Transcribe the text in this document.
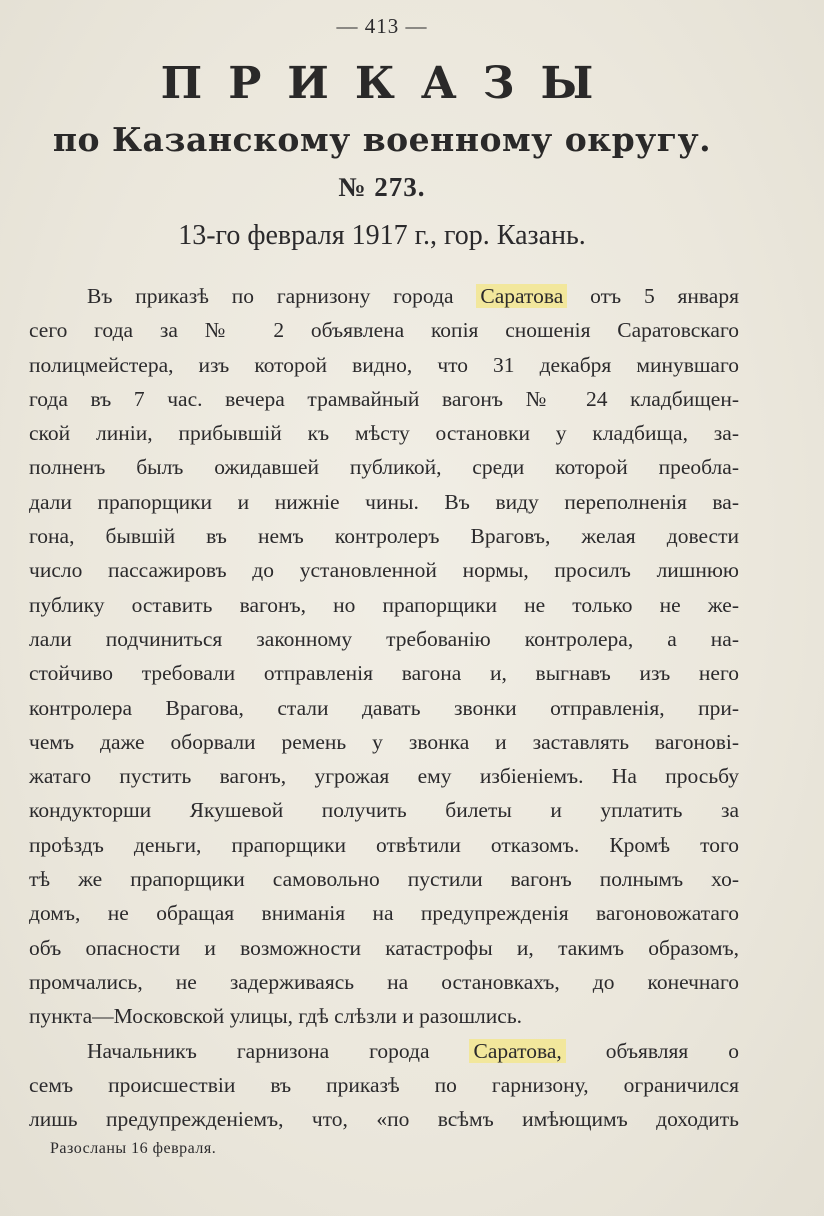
— 413 —
ПРИКАЗЫ
по Казанскому военному округу.
№ 273.
13-го февраля 1917 г., гор. Казань.
Въ приказѣ по гарнизону города Саратова отъ 5 января
сего года за № 2 объявлена копія сношенія Саратовскаго
полицмейстера, изъ которой видно, что 31 декабря минувшаго
года въ 7 час. вечера трамвайный вагонъ № 24 кладбищен-
ской линіи, прибывшій къ мѣсту остановки у кладбища, за-
полненъ былъ ожидавшей публикой, среди которой преобла-
дали прапорщики и нижніе чины. Въ виду переполненія ва-
гона, бывшій въ немъ контролеръ Враговъ, желая довести
число пассажировъ до установленной нормы, просилъ лишнюю
публику оставить вагонъ, но прапорщики не только не же-
лали подчиниться законному требованію контролера, а на-
стойчиво требовали отправленія вагона и, выгнавъ изъ него
контролера Врагова, стали давать звонки отправленія, при-
чемъ даже оборвали ремень у звонка и заставлять вагонові-
жатаго пустить вагонъ, угрожая ему избіеніемъ. На просьбу
кондукторши Якушевой получить билеты и уплатить за
проѣздъ деньги, прапорщики отвѣтили отказомъ. Кромѣ того
тѣ же прапорщики самовольно пустили вагонъ полнымъ хо-
домъ, не обращая вниманія на предупрежденія вагоновожатаго
объ опасности и возможности катастрофы и, такимъ образомъ,
промчались, не задерживаясь на остановкахъ, до конечнаго
пункта—Московской улицы, гдѣ слѣзли и разошлись.
Начальникъ гарнизона города Саратова, объявляя о
семъ происшествіи въ приказѣ по гарнизону, ограничился
лишь предупрежденіемъ, что, «по всѣмъ имѣющимъ доходить
Разосланы 16 февраля.
